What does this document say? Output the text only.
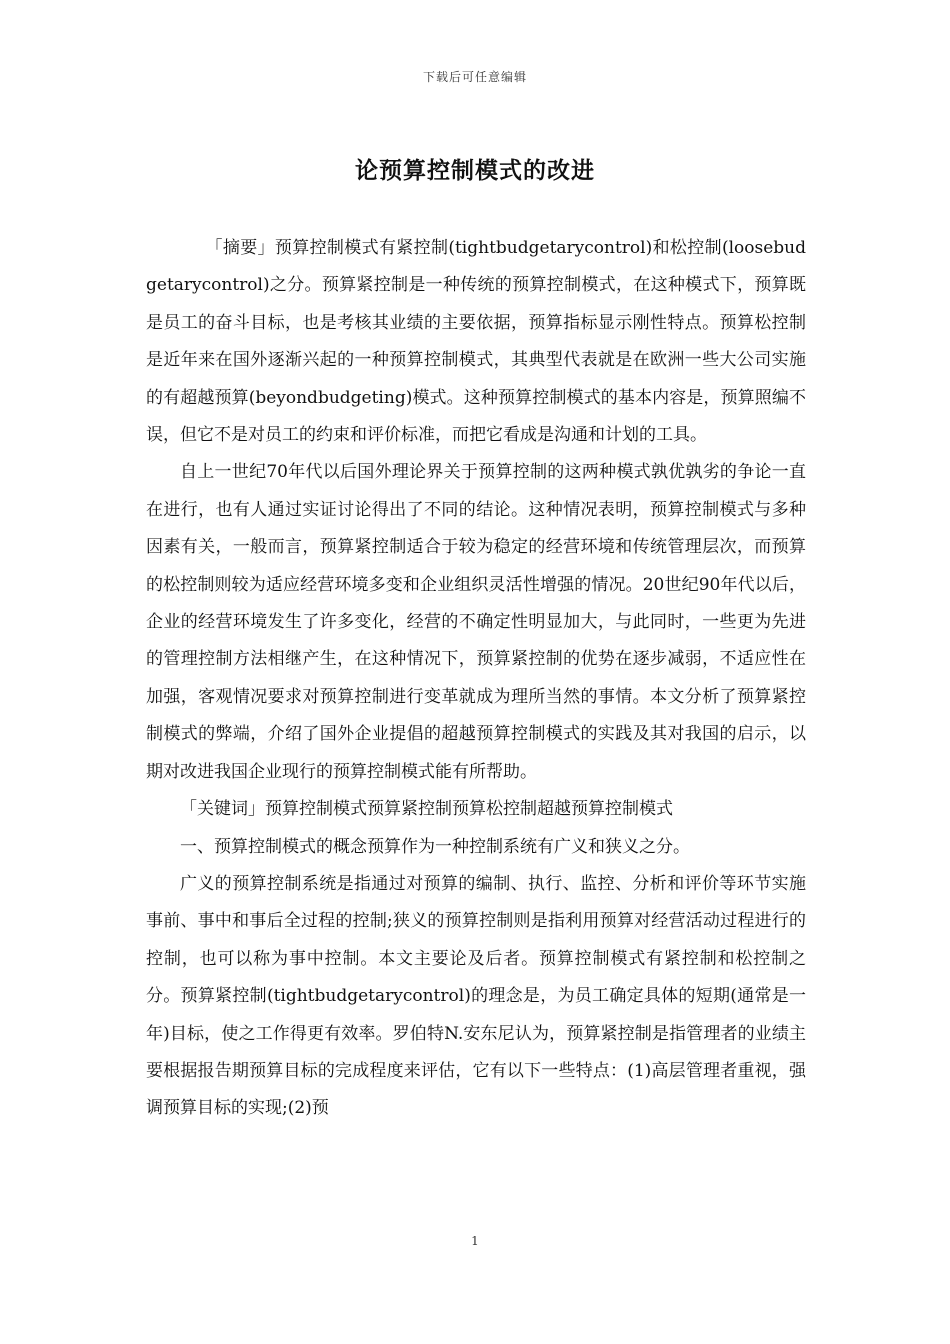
下载后可任意编辑
论预算控制模式的改进

「摘要」预算控制模式有紧控制(tightbudgetarycontrol)和松控制(loosebudgetarycontrol)之分。预算紧控制是一种传统的预算控制模式，在这种模式下，预算既是员工的奋斗目标，也是考核其业绩的主要依据，预算指标显示刚性特点。预算松控制是近年来在国外逐渐兴起的一种预算控制模式，其典型代表就是在欧洲一些大公司实施的有超越预算(beyondbudgeting)模式。这种预算控制模式的基本内容是，预算照编不误，但它不是对员工的约束和评价标准，而把它看成是沟通和计划的工具。

自上一世纪70年代以后国外理论界关于预算控制的这两种模式孰优孰劣的争论一直在进行，也有人通过实证讨论得出了不同的结论。这种情况表明，预算控制模式与多种因素有关，一般而言，预算紧控制适合于较为稳定的经营环境和传统管理层次，而预算的松控制则较为适应经营环境多变和企业组织灵活性增强的情况。20世纪90年代以后，企业的经营环境发生了许多变化，经营的不确定性明显加大，与此同时，一些更为先进的管理控制方法相继产生，在这种情况下，预算紧控制的优势在逐步减弱，不适应性在加强，客观情况要求对预算控制进行变革就成为理所当然的事情。本文分析了预算紧控制模式的弊端，介绍了国外企业提倡的超越预算控制模式的实践及其对我国的启示，以期对改进我国企业现行的预算控制模式能有所帮助。

「关键词」预算控制模式预算紧控制预算松控制超越预算控制模式

一、预算控制模式的概念预算作为一种控制系统有广义和狭义之分。

广义的预算控制系统是指通过对预算的编制、执行、监控、分析和评价等环节实施事前、事中和事后全过程的控制;狭义的预算控制则是指利用预算对经营活动过程进行的控制，也可以称为事中控制。本文主要论及后者。预算控制模式有紧控制和松控制之分。预算紧控制(tightbudgetarycontrol)的理念是，为员工确定具体的短期(通常是一年)目标，使之工作得更有效率。罗伯特N.安东尼认为，预算紧控制是指管理者的业绩主要根据报告期预算目标的完成程度来评估，它有以下一些特点：(1)高层管理者重视，强调预算目标的实现;(2)预

1
